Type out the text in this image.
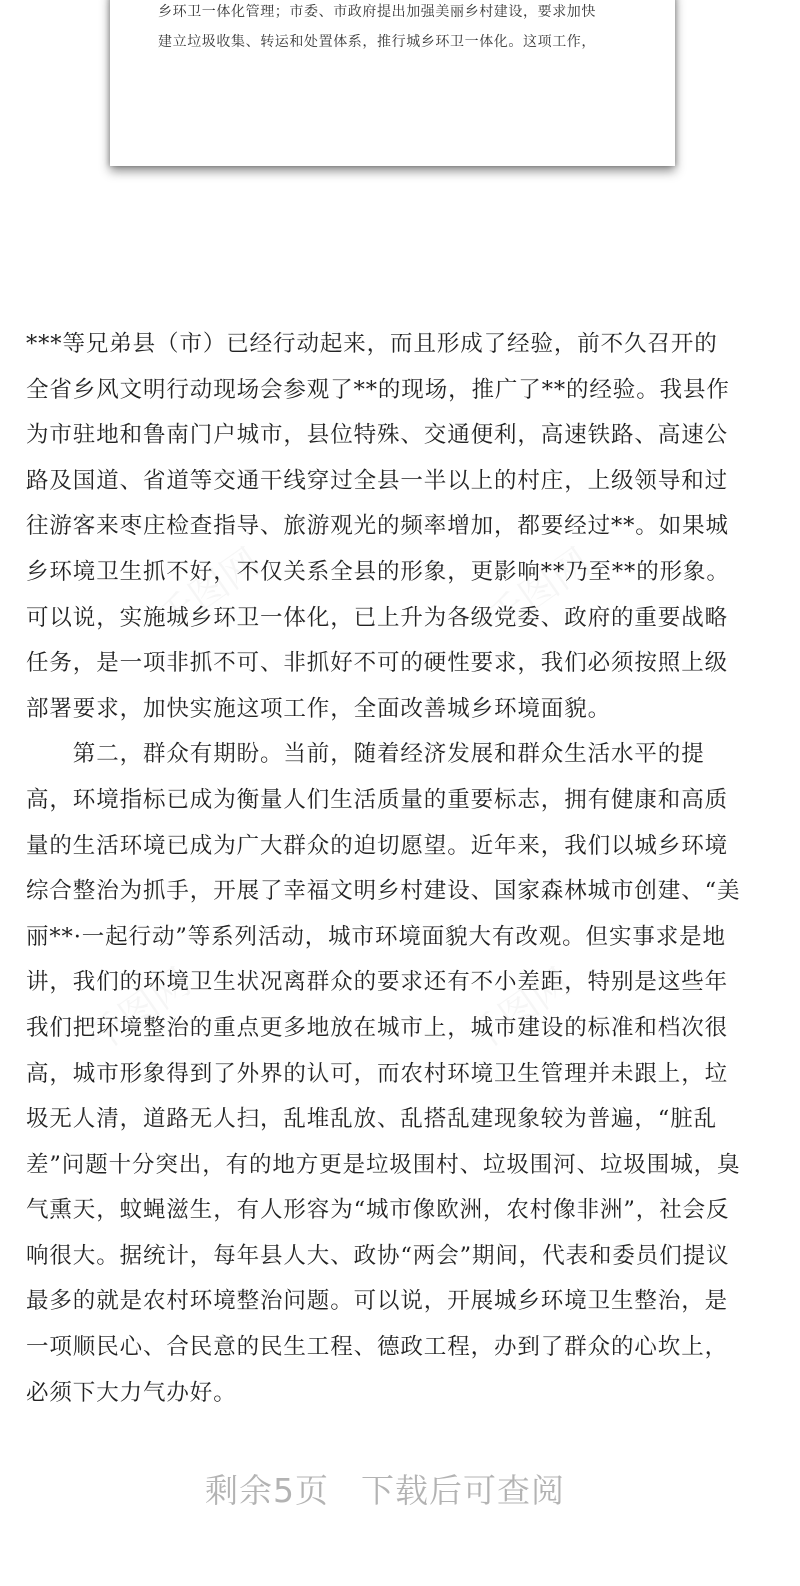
乡环卫一体化管理；市委、市政府提出加强美丽乡村建设，要求加快
建立垃圾收集、转运和处置体系，推行城乡环卫一体化。这项工作，
千图网	千图网
千图网	千图网
***等兄弟县（市）已经行动起来，而且形成了经验，前不久召开的
全省乡风文明行动现场会参观了**的现场，推广了**的经验。我县作
为市驻地和鲁南门户城市，县位特殊、交通便利，高速铁路、高速公
路及国道、省道等交通干线穿过全县一半以上的村庄，上级领导和过
往游客来枣庄检查指导、旅游观光的频率增加，都要经过**。如果城
乡环境卫生抓不好，不仅关系全县的形象，更影响**乃至**的形象。
可以说，实施城乡环卫一体化，已上升为各级党委、政府的重要战略
任务，是一项非抓不可、非抓好不可的硬性要求，我们必须按照上级
部署要求，加快实施这项工作，全面改善城乡环境面貌。
　　第二，群众有期盼。当前，随着经济发展和群众生活水平的提
高，环境指标已成为衡量人们生活质量的重要标志，拥有健康和高质
量的生活环境已成为广大群众的迫切愿望。近年来，我们以城乡环境
综合整治为抓手，开展了幸福文明乡村建设、国家森林城市创建、“美
丽**·一起行动”等系列活动，城市环境面貌大有改观。但实事求是地
讲，我们的环境卫生状况离群众的要求还有不小差距，特别是这些年
我们把环境整治的重点更多地放在城市上，城市建设的标准和档次很
高，城市形象得到了外界的认可，而农村环境卫生管理并未跟上，垃
圾无人清，道路无人扫，乱堆乱放、乱搭乱建现象较为普遍，“脏乱
差”问题十分突出，有的地方更是垃圾围村、垃圾围河、垃圾围城，臭
气熏天，蚊蝇滋生，有人形容为“城市像欧洲，农村像非洲”，社会反
响很大。据统计，每年县人大、政协“两会”期间，代表和委员们提议
最多的就是农村环境整治问题。可以说，开展城乡环境卫生整治，是
一项顺民心、合民意的民生工程、德政工程，办到了群众的心坎上，
必须下大力气办好。
剩余5页 下载后可查阅
